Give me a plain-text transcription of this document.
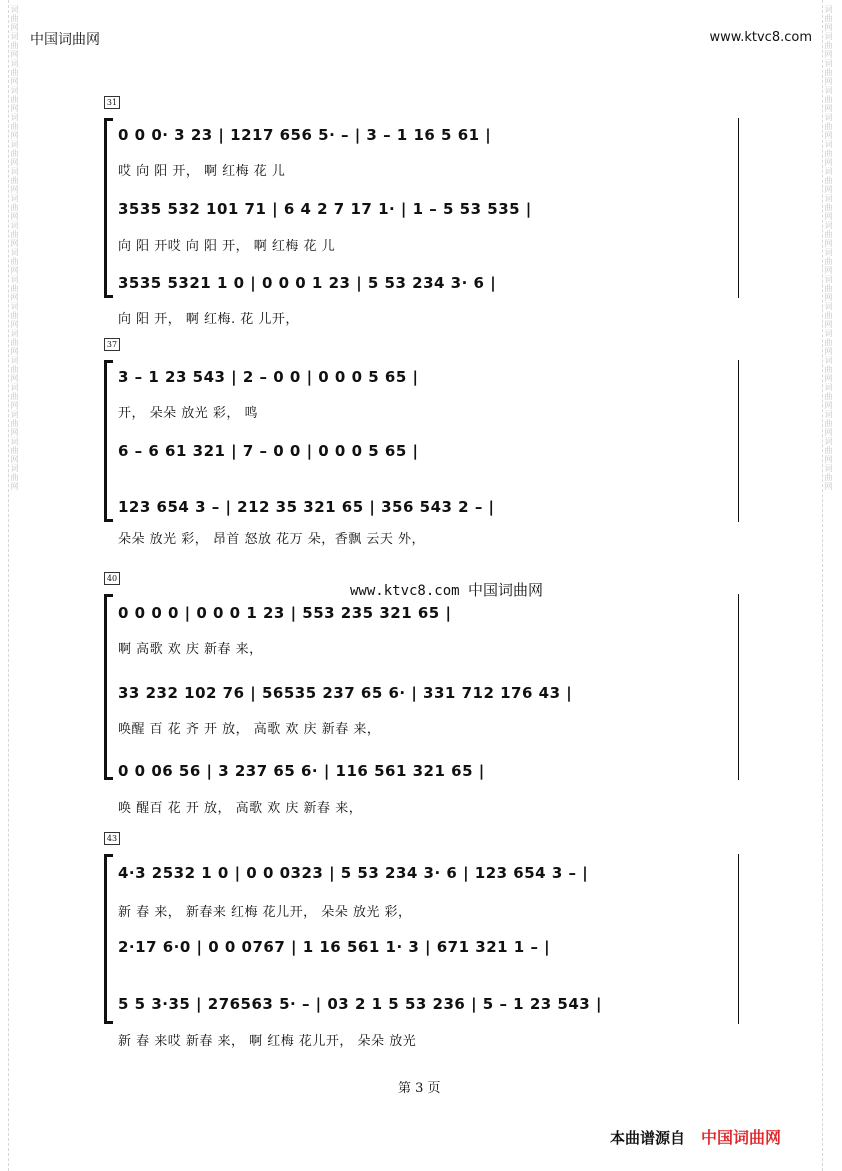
词曲网词曲网词曲网词曲网词曲网词曲网词曲网词曲网词曲网词曲网词曲网词曲网词曲网词曲网词曲网词曲网词曲网词曲网	词曲网词曲网词曲网词曲网词曲网词曲网词曲网词曲网词曲网词曲网词曲网词曲网词曲网词曲网词曲网词曲网词曲网词曲网
中国词曲网	www.ktvc8.com
31
0 0 0· 3 23 | 1217 656 5· – | 3 – 1 16 5 61 |
哎 向 阳 开， 啊 红梅 花 儿
3535 532 101 71 | 6 4 2 7 17 1· | 1 – 5 53 535 |
向 阳 开哎 向 阳 开， 啊 红梅 花 儿
3535 5321 1 0 | 0 0 0 1 23 | 5 53 234 3· 6 |
向 阳 开， 啊 红梅. 花 儿开，
37
3 – 1 23 543 | 2 – 0 0 | 0 0 0 5 65 |
开， 朵朵 放光 彩， 鸣
6 – 6 61 321 | 7 – 0 0 | 0 0 0 5 65 |
123 654 3 – | 212 35 321 65 | 356 543 2 – |
朵朵 放光 彩， 昂首 怒放 花万 朵，香飘 云天 外，
www.ktvc8.com 中国词曲网
40
0 0 0 0 | 0 0 0 1 23 | 553 235 321 65 |
啊 高歌 欢 庆 新春 来，
33 232 102 76 | 56535 237 65 6· | 331 712 176 43 |
唤醒 百 花 齐 开 放， 高歌 欢 庆 新春 来，
0 0 06 56 | 3 237 65 6· | 116 561 321 65 |
唤 醒百 花 开 放， 高歌 欢 庆 新春 来，
43
4·3 2532 1 0 | 0 0 0323 | 5 53 234 3· 6 | 123 654 3 – |
新 春 来， 新春来 红梅 花儿开， 朵朵 放光 彩，
2·17 6·0 | 0 0 0767 | 1 16 561 1· 3 | 671 321 1 – |
5 5 3·35 | 276563 5· – | 03 2 1 5 53 236 | 5 – 1 23 543 |
新 春 来哎 新春 来， 啊 红梅 花儿开， 朵朵 放光
第 3 页
本曲谱源自 中国词曲网
